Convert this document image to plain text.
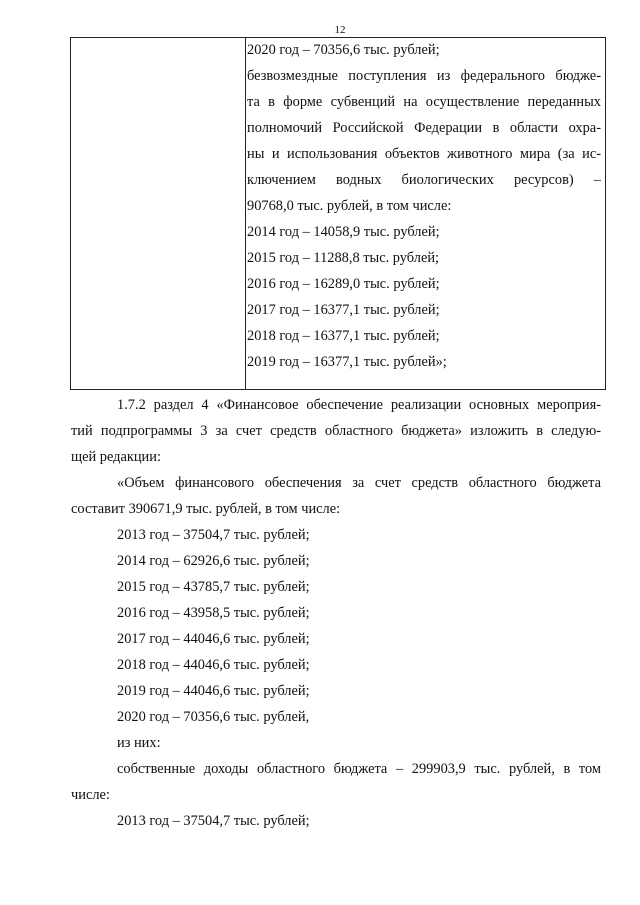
12
2020 год – 70356,6 тыс. рублей;
безвозмездные поступления из федерального бюдже-
та в форме субвенций на осуществление переданных
полномочий Российской Федерации в области охра-
ны и использования объектов животного мира (за ис-
ключением водных биологических ресурсов) –
90768,0 тыс. рублей, в том числе:
2014 год – 14058,9 тыс. рублей;
2015 год – 11288,8 тыс. рублей;
2016 год – 16289,0 тыс. рублей;
2017 год – 16377,1 тыс. рублей;
2018 год – 16377,1 тыс. рублей;
2019 год – 16377,1 тыс. рублей»;
1.7.2 раздел 4 «Финансовое обеспечение реализации основных мероприя-
тий подпрограммы 3 за счет средств областного бюджета» изложить в следую-
щей редакции:
«Объем финансового обеспечения за счет средств областного бюджета
составит 390671,9 тыс. рублей, в том числе:
2013 год – 37504,7 тыс. рублей;
2014 год – 62926,6 тыс. рублей;
2015 год – 43785,7 тыс. рублей;
2016 год – 43958,5 тыс. рублей;
2017 год – 44046,6 тыс. рублей;
2018 год – 44046,6 тыс. рублей;
2019 год – 44046,6 тыс. рублей;
2020 год – 70356,6 тыс. рублей,
из них:
собственные доходы областного бюджета – 299903,9 тыс. рублей, в том
числе:
2013 год – 37504,7 тыс. рублей;
